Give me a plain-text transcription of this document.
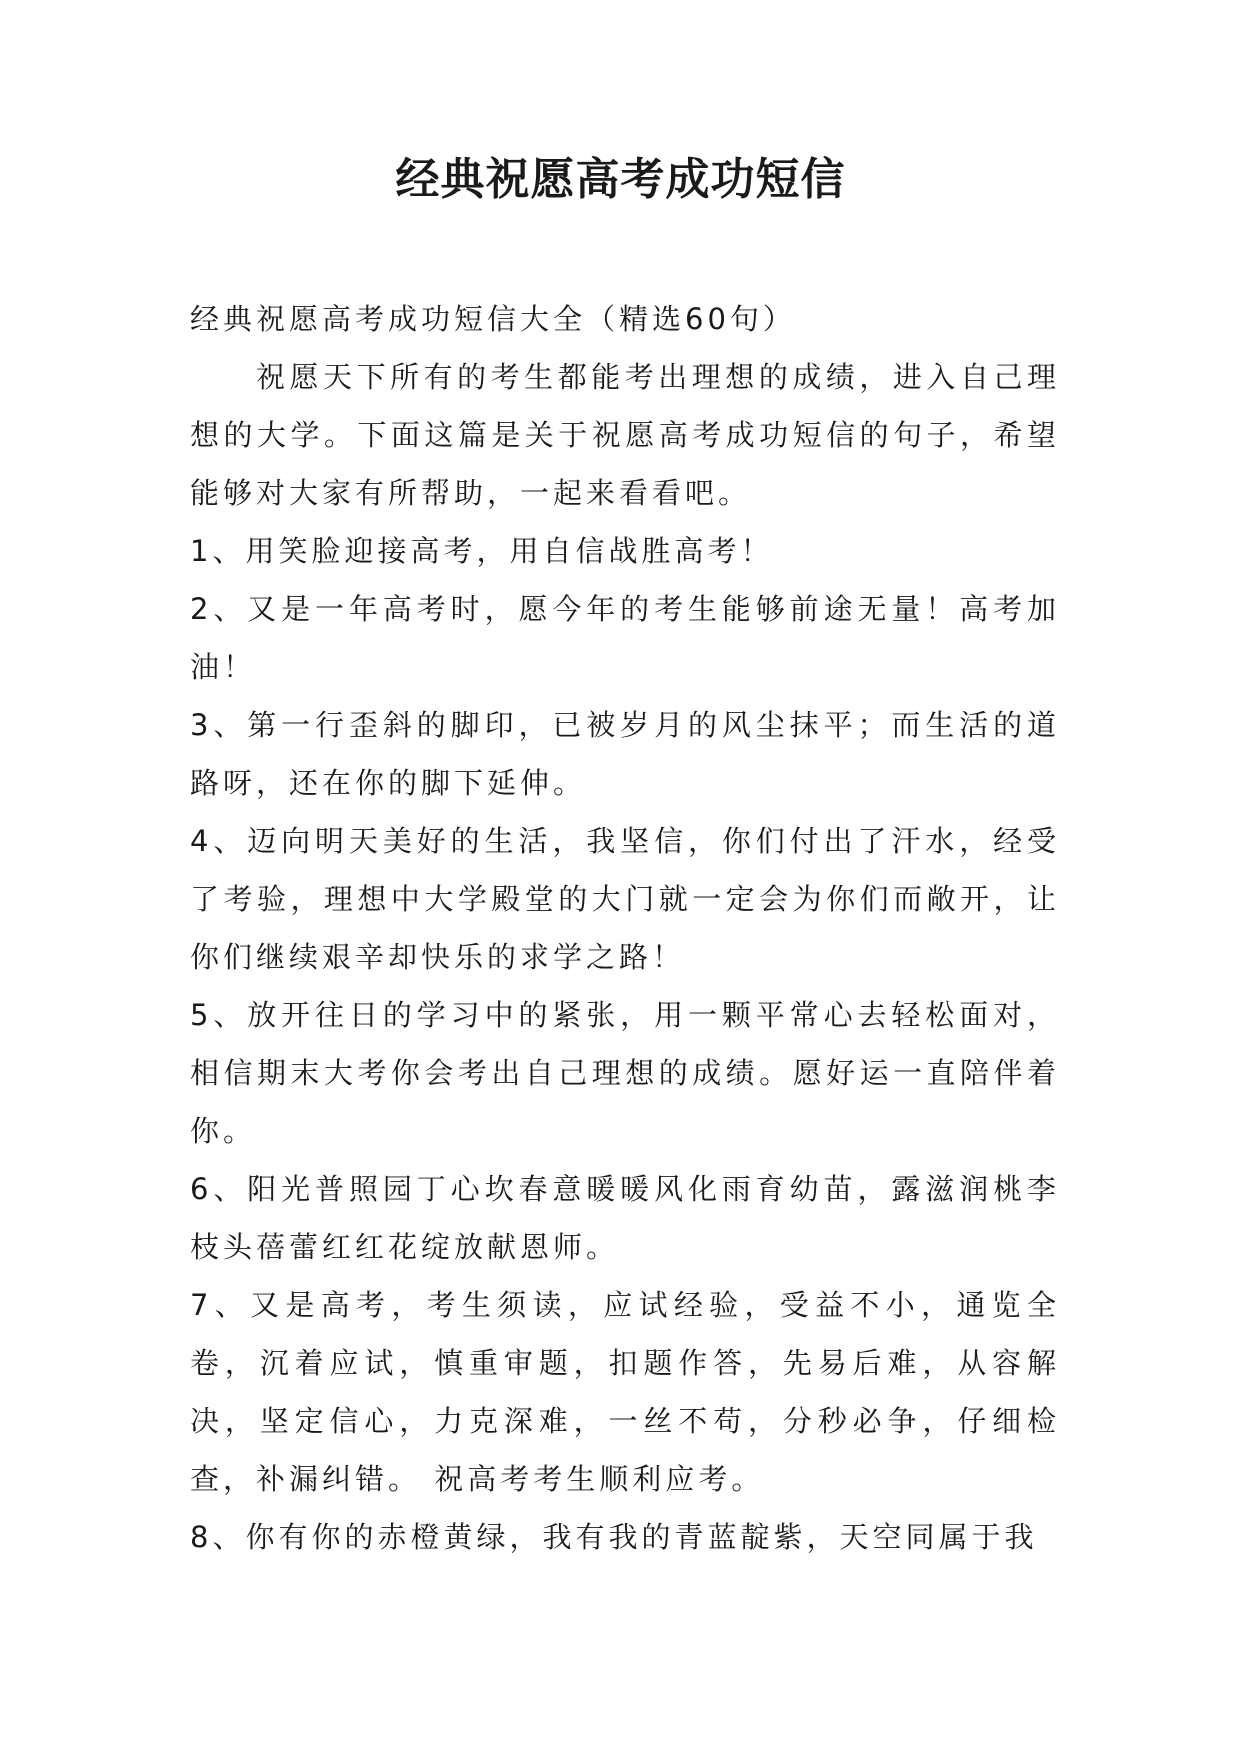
经典祝愿高考成功短信

经典祝愿高考成功短信大全（精选60句）

祝愿天下所有的考生都能考出理想的成绩，进入自己理想的大学。下面这篇是关于祝愿高考成功短信的句子，希望能够对大家有所帮助，一起来看看吧。

1、用笑脸迎接高考，用自信战胜高考！

2、又是一年高考时，愿今年的考生能够前途无量！高考加油！

3、第一行歪斜的脚印，已被岁月的风尘抹平；而生活的道路呀，还在你的脚下延伸。

4、迈向明天美好的生活，我坚信，你们付出了汗水，经受了考验，理想中大学殿堂的大门就一定会为你们而敞开，让你们继续艰辛却快乐的求学之路！

5、放开往日的学习中的紧张，用一颗平常心去轻松面对，相信期末大考你会考出自己理想的成绩。愿好运一直陪伴着你。

6、阳光普照园丁心坎春意暖暖风化雨育幼苗，露滋润桃李枝头蓓蕾红红花绽放献恩师。

7、又是高考，考生须读，应试经验，受益不小，通览全卷，沉着应试，慎重审题，扣题作答，先易后难，从容解决，坚定信心，力克深难，一丝不苟，分秒必争，仔细检查，补漏纠错。 祝高考考生顺利应考。

8、你有你的赤橙黄绿，我有我的青蓝靛紫，天空同属于我
